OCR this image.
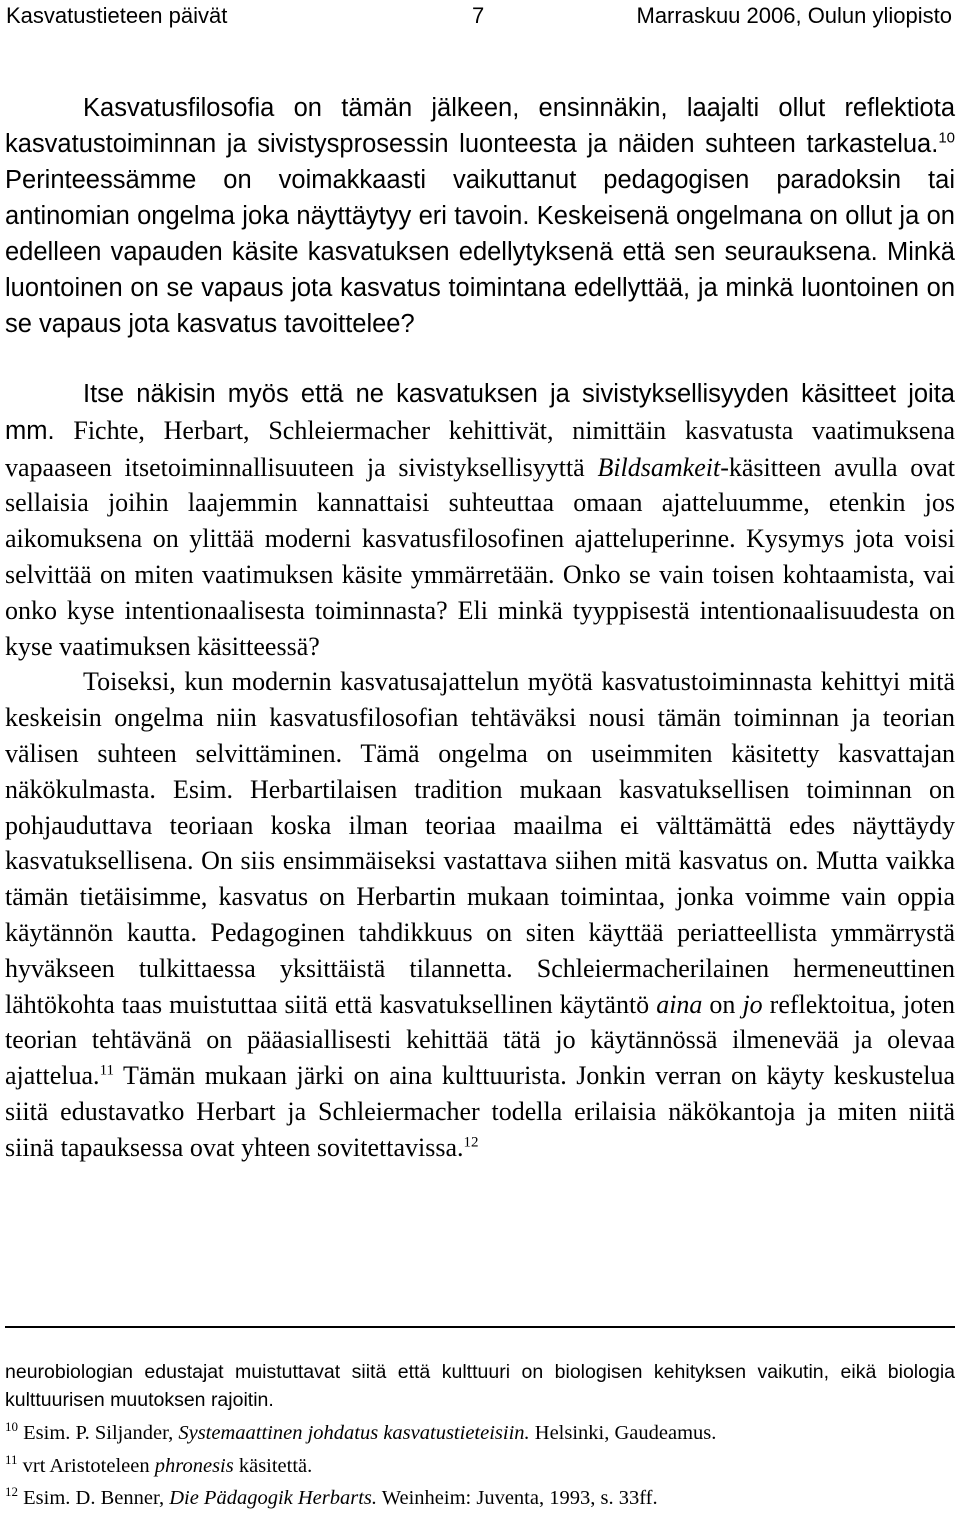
Kasvatustieteen päivät	7	Marraskuu 2006, Oulun yliopisto

Kasvatusfilosofia on tämän jälkeen, ensinnäkin, laajalti ollut reflektiota kasvatustoiminnan ja sivistysprosessin luonteesta ja näiden suhteen tarkastelua.$^{10}$ Perinteessämme on voimakkaasti vaikuttanut pedagogisen paradoksin tai antinomian ongelma joka näyttäytyy eri tavoin. Keskeisenä ongelmana on ollut ja on edelleen vapauden käsite kasvatuksen edellytyksenä että sen seurauksena. Minkä luontoinen on se vapaus jota kasvatus toimintana edellyttää, ja minkä luontoinen on se vapaus jota kasvatus tavoittelee?

Itse näkisin myös että ne kasvatuksen ja sivistyksellisyyden käsitteet joita mm. Fichte, Herbart, Schleiermacher kehittivät, nimittäin kasvatusta vaatimuksena vapaaseen itsetoiminnallisuuteen ja sivistyksellisyyttä Bildsamkeit-käsitteen avulla ovat sellaisia joihin laajemmin kannattaisi suhteuttaa omaan ajatteluumme, etenkin jos aikomuksena on ylittää moderni kasvatusfilosofinen ajatteluperinne. Kysymys jota voisi selvittää on miten vaatimuksen käsite ymmärretään. Onko se vain toisen kohtaamista, vai onko kyse intentionaalisesta toiminnasta? Eli minkä tyyppisestä intentionaalisuudesta on kyse vaatimuksen käsitteessä?

Toiseksi, kun modernin kasvatusajattelun myötä kasvatustoiminnasta kehittyi mitä keskeisin ongelma niin kasvatusfilosofian tehtäväksi nousi tämän toiminnan ja teorian välisen suhteen selvittäminen. Tämä ongelma on useimmiten käsitetty kasvattajan näkökulmasta. Esim. Herbartilaisen tradition mukaan kasvatuksellisen toiminnan on pohjauduttava teoriaan koska ilman teoriaa maailma ei välttämättä edes näyttäydy kasvatuksellisena. On siis ensimmäiseksi vastattava siihen mitä kasvatus on. Mutta vaikka tämän tietäisimme, kasvatus on Herbartin mukaan toimintaa, jonka voimme vain oppia käytännön kautta. Pedagoginen tahdikkuus on siten käyttää periatteellista ymmärrystä hyväkseen tulkittaessa yksittäistä tilannetta. Schleiermacherilainen hermeneuttinen lähtökohta taas muistuttaa siitä että kasvatuksellinen käytäntö aina on jo reflektoitua, joten teorian tehtävänä on pääasiallisesti kehittää tätä jo käytännössä ilmenevää ja olevaa ajattelua.$^{11}$ Tämän mukaan järki on aina kulttuurista. Jonkin verran on käyty keskustelua siitä edustavatko Herbart ja Schleiermacher todella erilaisia näkökantoja ja miten niitä siinä tapauksessa ovat yhteen sovitettavissa.$^{12}$

neurobiologian edustajat muistuttavat siitä että kulttuuri on biologisen kehityksen vaikutin, eikä biologia kulttuurisen muutoksen rajoitin.

$^{10}$ Esim. P. Siljander, Systemaattinen johdatus kasvatustieteisiin. Helsinki, Gaudeamus.
$^{11}$ vrt Aristoteleen phronesis käsitettä.
$^{12}$ Esim. D. Benner, Die Pädagogik Herbarts. Weinheim: Juventa, 1993, s. 33ff.
